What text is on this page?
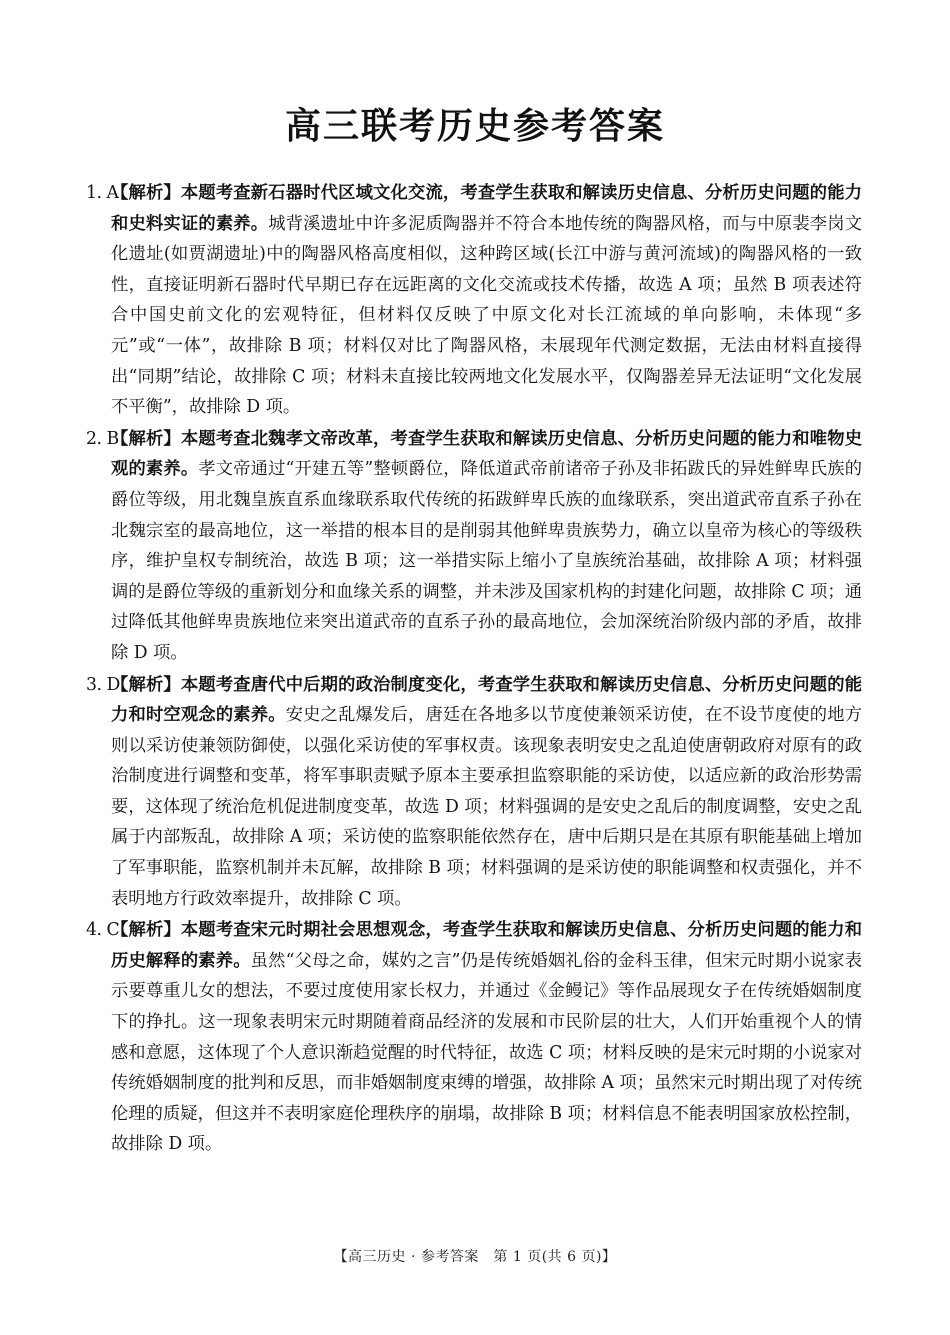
高三联考历史参考答案
1. A
【解析】本题考查新石器时代区域文化交流，考查学生获取和解读历史信息、分析历史问题的能力和史料实证的素养。城背溪遗址中许多泥质陶器并不符合本地传统的陶器风格，而与中原裴李岗文化遗址(如贾湖遗址)中的陶器风格高度相似，这种跨区域(长江中游与黄河流域)的陶器风格的一致性，直接证明新石器时代早期已存在远距离的文化交流或技术传播，故选 A 项；虽然 B 项表述符合中国史前文化的宏观特征，但材料仅反映了中原文化对长江流域的单向影响，未体现“多元”或“一体”，故排除 B 项；材料仅对比了陶器风格，未展现年代测定数据，无法由材料直接得出“同期”结论，故排除 C 项；材料未直接比较两地文化发展水平，仅陶器差异无法证明“文化发展不平衡”，故排除 D 项。
2. B
【解析】本题考查北魏孝文帝改革，考查学生获取和解读历史信息、分析历史问题的能力和唯物史观的素养。孝文帝通过“开建五等”整顿爵位，降低道武帝前诸帝子孙及非拓跋氏的异姓鲜卑氏族的爵位等级，用北魏皇族直系血缘联系取代传统的拓跋鲜卑氏族的血缘联系，突出道武帝直系子孙在北魏宗室的最高地位，这一举措的根本目的是削弱其他鲜卑贵族势力，确立以皇帝为核心的等级秩序，维护皇权专制统治，故选 B 项；这一举措实际上缩小了皇族统治基础，故排除 A 项；材料强调的是爵位等级的重新划分和血缘关系的调整，并未涉及国家机构的封建化问题，故排除 C 项；通过降低其他鲜卑贵族地位来突出道武帝的直系子孙的最高地位，会加深统治阶级内部的矛盾，故排除 D 项。
3. D
【解析】本题考查唐代中后期的政治制度变化，考查学生获取和解读历史信息、分析历史问题的能力和时空观念的素养。安史之乱爆发后，唐廷在各地多以节度使兼领采访使，在不设节度使的地方则以采访使兼领防御使，以强化采访使的军事权责。该现象表明安史之乱迫使唐朝政府对原有的政治制度进行调整和变革，将军事职责赋予原本主要承担监察职能的采访使，以适应新的政治形势需要，这体现了统治危机促进制度变革，故选 D 项；材料强调的是安史之乱后的制度调整，安史之乱属于内部叛乱，故排除 A 项；采访使的监察职能依然存在，唐中后期只是在其原有职能基础上增加了军事职能，监察机制并未瓦解，故排除 B 项；材料强调的是采访使的职能调整和权责强化，并不表明地方行政效率提升，故排除 C 项。
4. C
【解析】本题考查宋元时期社会思想观念，考查学生获取和解读历史信息、分析历史问题的能力和历史解释的素养。虽然“父母之命，媒妁之言”仍是传统婚姻礼俗的金科玉律，但宋元时期小说家表示要尊重儿女的想法，不要过度使用家长权力，并通过《金鳗记》等作品展现女子在传统婚姻制度下的挣扎。这一现象表明宋元时期随着商品经济的发展和市民阶层的壮大，人们开始重视个人的情感和意愿，这体现了个人意识渐趋觉醒的时代特征，故选 C 项；材料反映的是宋元时期的小说家对传统婚姻制度的批判和反思，而非婚姻制度束缚的增强，故排除 A 项；虽然宋元时期出现了对传统伦理的质疑，但这并不表明家庭伦理秩序的崩塌，故排除 B 项；材料信息不能表明国家放松控制，故排除 D 项。
【高三历史 · 参考答案　第 1 页(共 6 页)】
